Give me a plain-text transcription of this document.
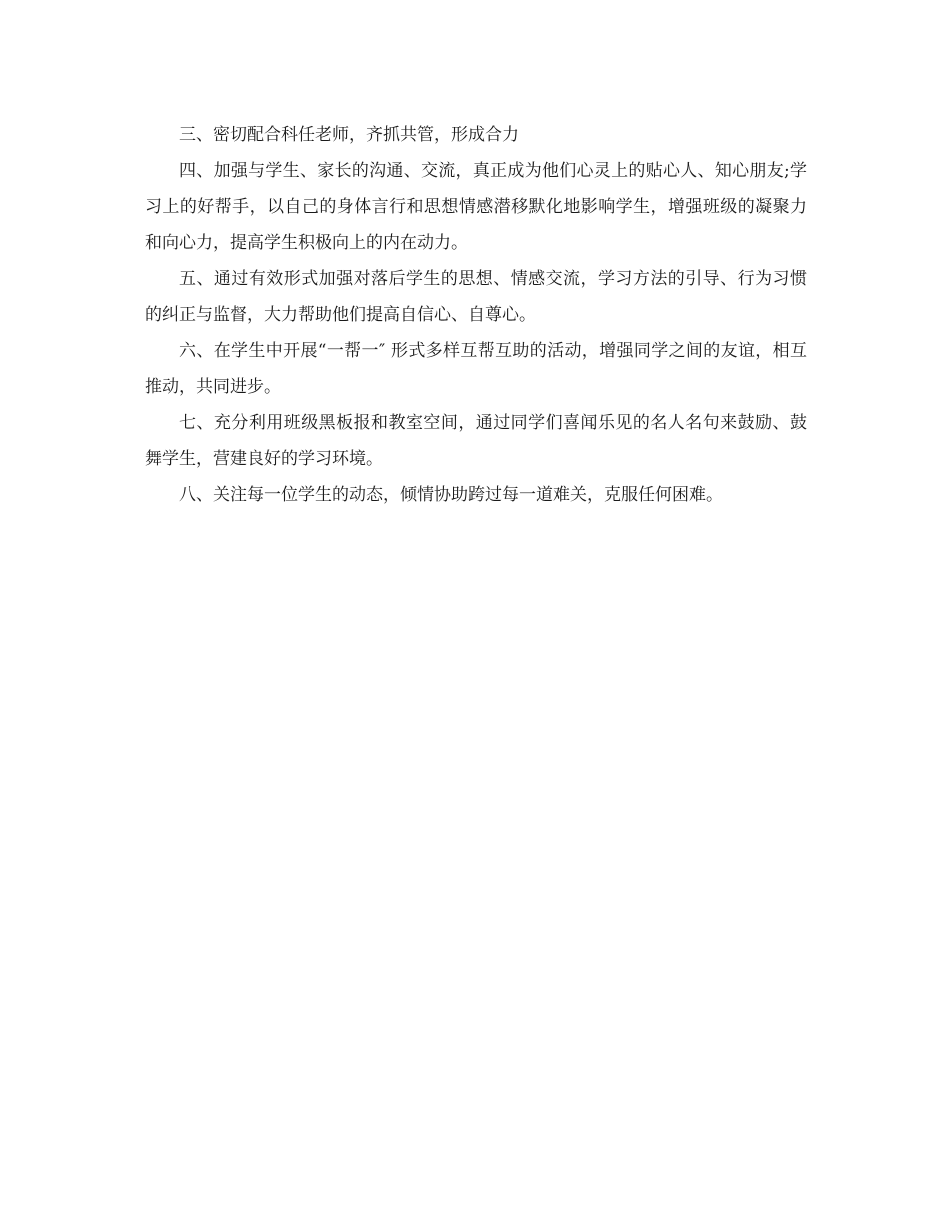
三、密切配合科任老师，齐抓共管，形成合力

四、加强与学生、家长的沟通、交流，真正成为他们心灵上的贴心人、知心朋友;学习上的好帮手，以自己的身体言行和思想情感潜移默化地影响学生，增强班级的凝聚力和向心力，提高学生积极向上的内在动力。

五、通过有效形式加强对落后学生的思想、情感交流，学习方法的引导、行为习惯的纠正与监督，大力帮助他们提高自信心、自尊心。

六、在学生中开展“一帮一″ 形式多样互帮互助的活动，增强同学之间的友谊，相互推动，共同进步。

七、充分利用班级黑板报和教室空间，通过同学们喜闻乐见的名人名句来鼓励、鼓舞学生，营建良好的学习环境。

八、关注每一位学生的动态，倾情协助跨过每一道难关，克服任何困难。
